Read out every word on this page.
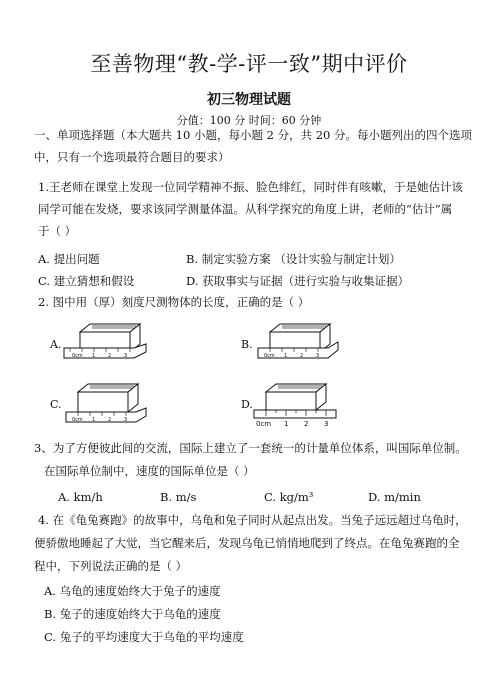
至善物理“教-学-评一致”期中评价
初三物理试题
分值：100 分 时间：60 分钟
一、单项选择题（本大题共 10 小题，每小题 2 分，共 20 分。每小题列出的四个选项
中，只有一个选项最符合题目的要求）
1.王老师在课堂上发现一位同学精神不振、脸色绯红，同时伴有咳嗽，于是她估计该
同学可能在发烧，要求该同学测量体温。从科学探究的角度上讲，老师的“估计”属
于（ ）
A. 提出问题	B. 制定实验方案 （设计实验与制定计划）
C. 建立猜想和假设	D. 获取事实与证据（进行实验与收集证据）
2. 图中用（厚）刻度尺测物体的长度，正确的是（ ）
A.	B.
C.	D.
0cm 1	2	3	0cm 1	2	3
0cm 1	2	3	0cm 1 2 3
3、为了方便彼此间的交流，国际上建立了一套统一的计量单位体系，叫国际单位制。
在国际单位制中，速度的国际单位是（ ）
A. km/h	B. m/s	C. kg/m³	D. m/min
4. 在《龟兔赛跑》的故事中，乌龟和兔子同时从起点出发。当兔子远远超过乌龟时，
便骄傲地睡起了大觉，当它醒来后，发现乌龟已悄悄地爬到了终点。在龟兔赛跑的全
程中，下列说法正确的是（ ）
A. 乌龟的速度始终大于兔子的速度
B. 兔子的速度始终大于乌龟的速度
C. 兔子的平均速度大于乌龟的平均速度
